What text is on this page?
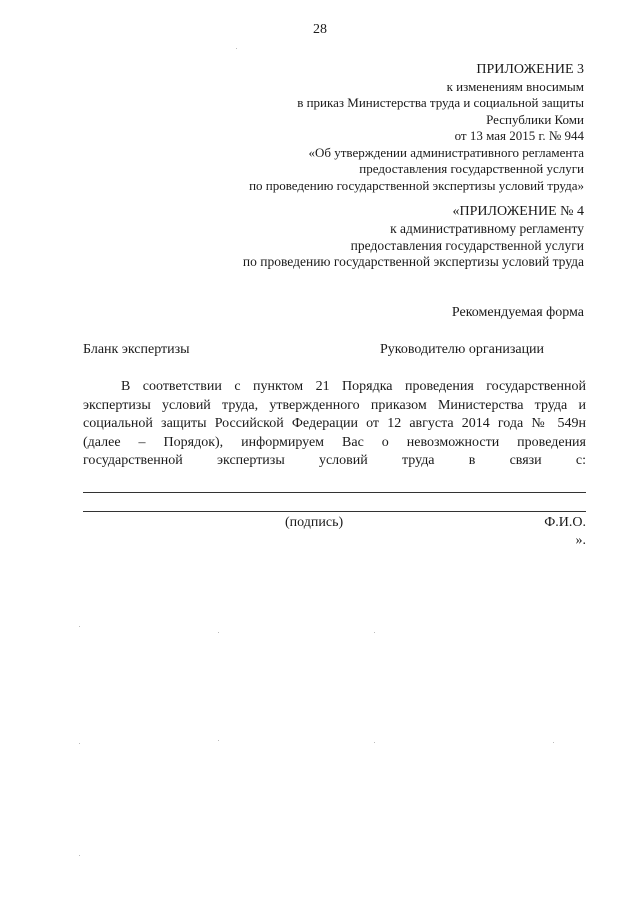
28
ПРИЛОЖЕНИЕ 3
к изменениям вносимым
в приказ Министерства труда и социальной защиты
Республики Коми
от 13 мая 2015 г. № 944
«Об утверждении административного регламента
предоставления государственной услуги
по проведению государственной экспертизы условий труда»
«ПРИЛОЖЕНИЕ № 4
к административному регламенту
предоставления государственной услуги
по проведению государственной экспертизы условий труда
Рекомендуемая форма
Бланк экспертизы	Руководителю организации
В соответствии с пунктом 21 Порядка проведения государственной
экспертизы условий труда, утвержденного приказом Министерства труда и
социальной защиты Российской Федерации от 12 августа 2014 года № 549н
(далее – Порядок), информируем Вас о невозможности проведения
государственной экспертизы условий труда в связи с:
(подпись)	Ф.И.О.
».
